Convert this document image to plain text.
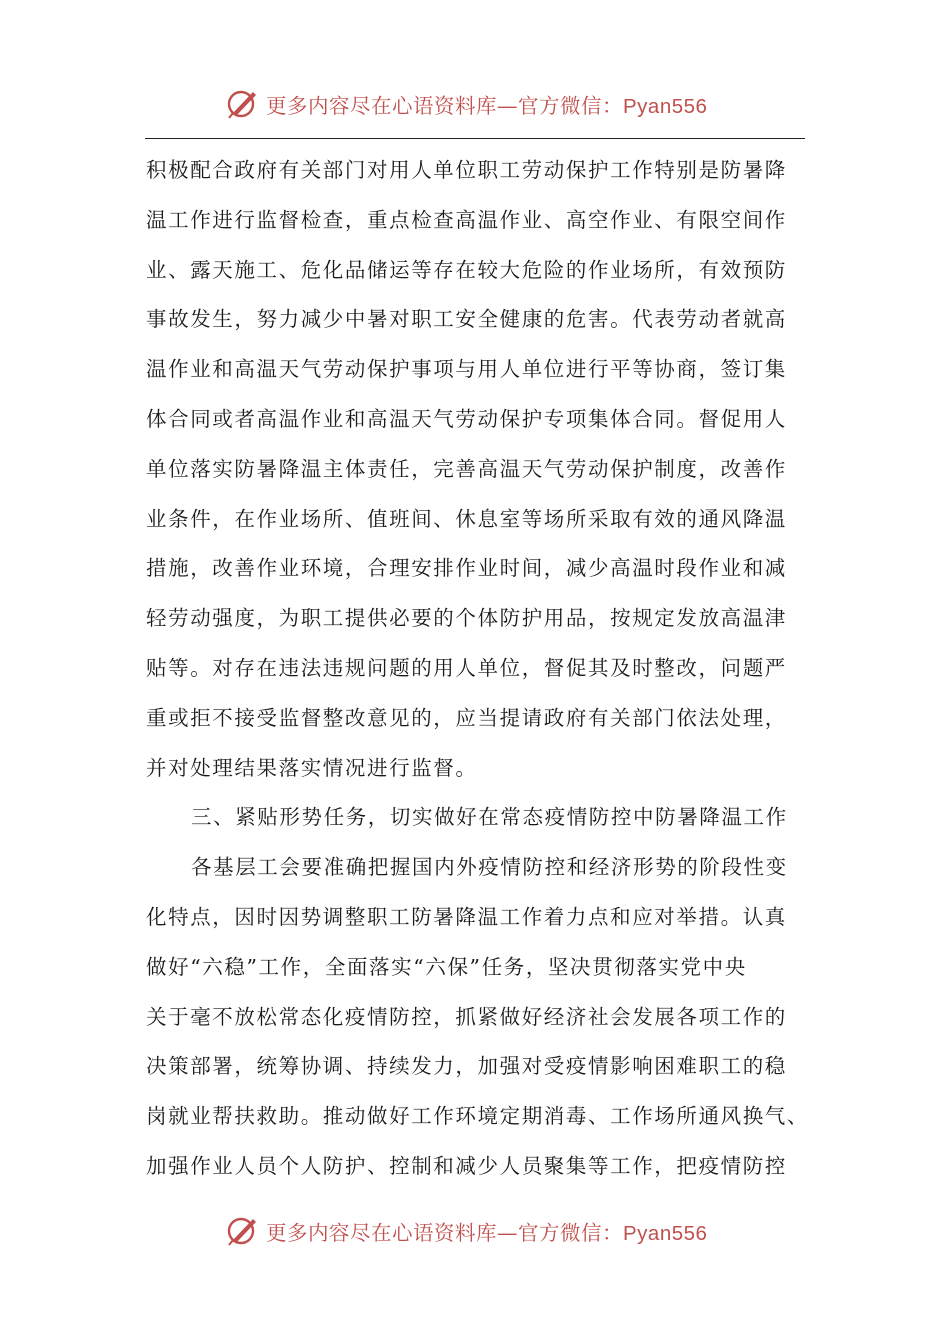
更多内容尽在心语资料库—官方微信：Pyan556
积极配合政府有关部门对用人单位职工劳动保护工作特别是防暑降
温工作进行监督检查，重点检查高温作业、高空作业、有限空间作
业、露天施工、危化品储运等存在较大危险的作业场所，有效预防
事故发生，努力减少中暑对职工安全健康的危害。代表劳动者就高
温作业和高温天气劳动保护事项与用人单位进行平等协商，签订集
体合同或者高温作业和高温天气劳动保护专项集体合同。督促用人
单位落实防暑降温主体责任，完善高温天气劳动保护制度，改善作
业条件，在作业场所、值班间、休息室等场所采取有效的通风降温
措施，改善作业环境，合理安排作业时间，减少高温时段作业和减
轻劳动强度，为职工提供必要的个体防护用品，按规定发放高温津
贴等。对存在违法违规问题的用人单位，督促其及时整改，问题严
重或拒不接受监督整改意见的，应当提请政府有关部门依法处理，
并对处理结果落实情况进行监督。
三、紧贴形势任务，切实做好在常态疫情防控中防暑降温工作
各基层工会要准确把握国内外疫情防控和经济形势的阶段性变
化特点，因时因势调整职工防暑降温工作着力点和应对举措。认真
做好“六稳”工作，全面落实“六保”任务，坚决贯彻落实党中央
关于毫不放松常态化疫情防控，抓紧做好经济社会发展各项工作的
决策部署，统筹协调、持续发力，加强对受疫情影响困难职工的稳
岗就业帮扶救助。推动做好工作环境定期消毒、工作场所通风换气、
加强作业人员个人防护、控制和减少人员聚集等工作，把疫情防控
更多内容尽在心语资料库—官方微信：Pyan556
